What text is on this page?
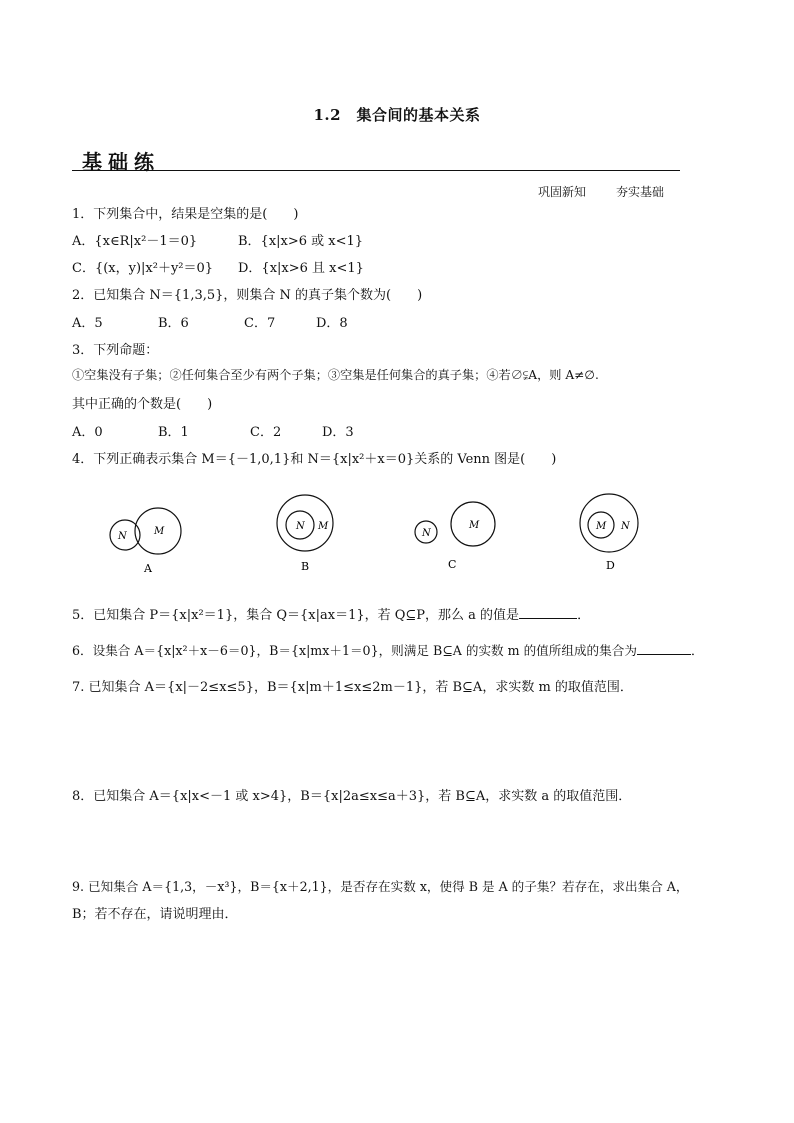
1.2　集合间的基本关系
基础练
巩固新知	夯实基础
1．下列集合中，结果是空集的是(　　)
A．{x∈R|x²－1＝0}	B．{x|x>6 或 x<1}
C．{(x，y)|x²＋y²＝0} D．{x|x>6 且 x<1}
2．已知集合 N＝{1,3,5}，则集合 N 的真子集个数为(　　)
A．5	B．6	C．7	D．8
3．下列命题：
①空集没有子集；②任何集合至少有两个子集；③空集是任何集合的真子集；④若∅⫋A，则 A≠∅.
其中正确的个数是(　　)
A．0	B．1	C．2	D．3
4．下列正确表示集合 M＝{－1,0,1}和 N＝{x|x²＋x＝0}关系的 Venn 图是(　　)
M
N
A
N M
B
N
M
C
M N
D
5．已知集合 P＝{x|x²＝1}，集合 Q＝{x|ax＝1}，若 Q⊆P，那么 a 的值是	．
6．设集合 A＝{x|x²＋x－6＝0}，B＝{x|mx＋1＝0}，则满足 B⊆A 的实数 m 的值所组成的集合为	．
7. 已知集合 A＝{x|－2≤x≤5}，B＝{x|m＋1≤x≤2m－1}，若 B⊆A，求实数 m 的取值范围．
8．已知集合 A＝{x|x<－1 或 x>4}，B＝{x|2a≤x≤a＋3}，若 B⊆A，求实数 a 的取值范围．
9. 已知集合 A＝{1,3，－x³}，B＝{x＋2,1}，是否存在实数 x，使得 B 是 A 的子集？若存在，求出集合 A，
B；若不存在，请说明理由．
